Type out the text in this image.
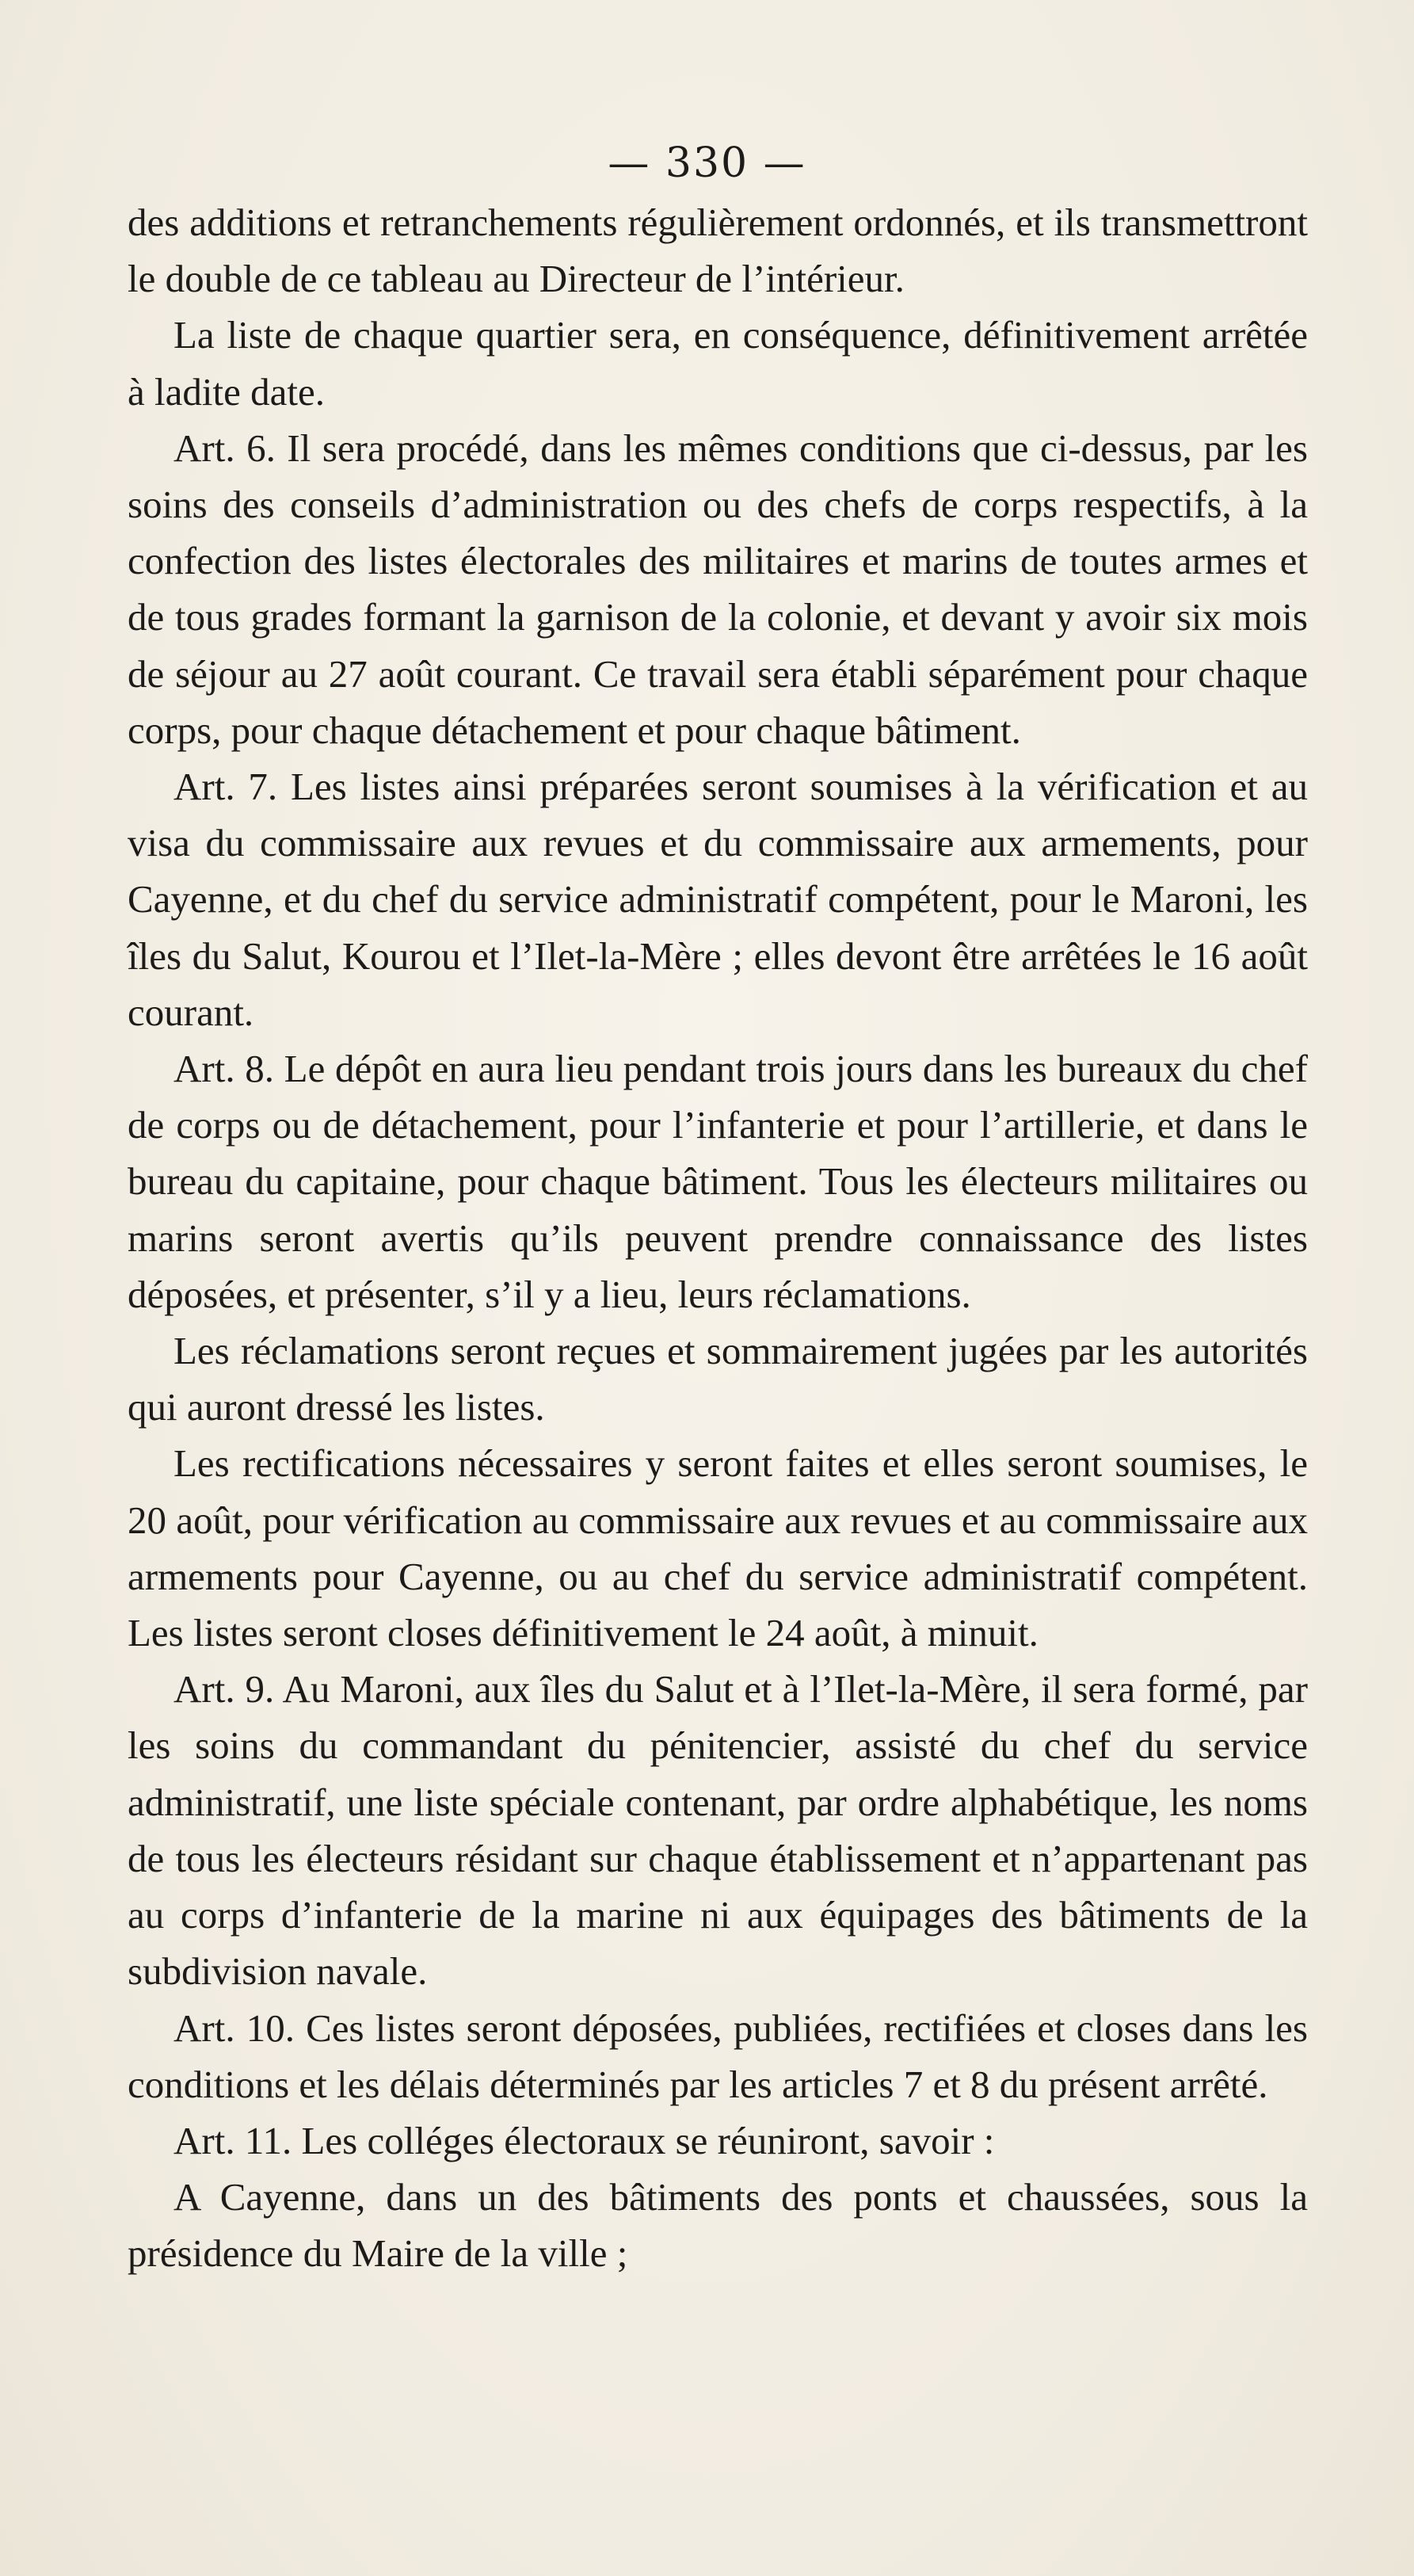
— 330 —

des additions et retranchements régulièrement ordonnés, et ils transmettront le double de ce tableau au Directeur de l’intérieur.

La liste de chaque quartier sera, en conséquence, définitivement arrêtée à ladite date.

Art. 6. Il sera procédé, dans les mêmes conditions que ci-dessus, par les soins des conseils d’administration ou des chefs de corps respectifs, à la confection des listes électorales des militaires et marins de toutes armes et de tous grades formant la garnison de la colonie, et devant y avoir six mois de séjour au 27 août courant. Ce travail sera établi séparément pour chaque corps, pour chaque détachement et pour chaque bâtiment.

Art. 7. Les listes ainsi préparées seront soumises à la vérification et au visa du commissaire aux revues et du commissaire aux armements, pour Cayenne, et du chef du service administratif compétent, pour le Maroni, les îles du Salut, Kourou et l’Ilet-la-Mère ; elles devont être arrêtées le 16 août courant.

Art. 8. Le dépôt en aura lieu pendant trois jours dans les bureaux du chef de corps ou de détachement, pour l’infanterie et pour l’artillerie, et dans le bureau du capitaine, pour chaque bâtiment. Tous les électeurs militaires ou marins seront avertis qu’ils peuvent prendre connaissance des listes déposées, et présenter, s’il y a lieu, leurs réclamations.

Les réclamations seront reçues et sommairement jugées par les autorités qui auront dressé les listes.

Les rectifications nécessaires y seront faites et elles seront soumises, le 20 août, pour vérification au commissaire aux revues et au commissaire aux armements pour Cayenne, ou au chef du service administratif compétent. Les listes seront closes définitivement le 24 août, à minuit.

Art. 9. Au Maroni, aux îles du Salut et à l’Ilet-la-Mère, il sera formé, par les soins du commandant du pénitencier, assisté du chef du service administratif, une liste spéciale contenant, par ordre alphabétique, les noms de tous les électeurs résidant sur chaque établissement et n’appartenant pas au corps d’infanterie de la marine ni aux équipages des bâtiments de la subdivision navale.

Art. 10. Ces listes seront déposées, publiées, rectifiées et closes dans les conditions et les délais déterminés par les articles 7 et 8 du présent arrêté.

Art. 11. Les colléges électoraux se réuniront, savoir :

A Cayenne, dans un des bâtiments des ponts et chaussées, sous la présidence du Maire de la ville ;
